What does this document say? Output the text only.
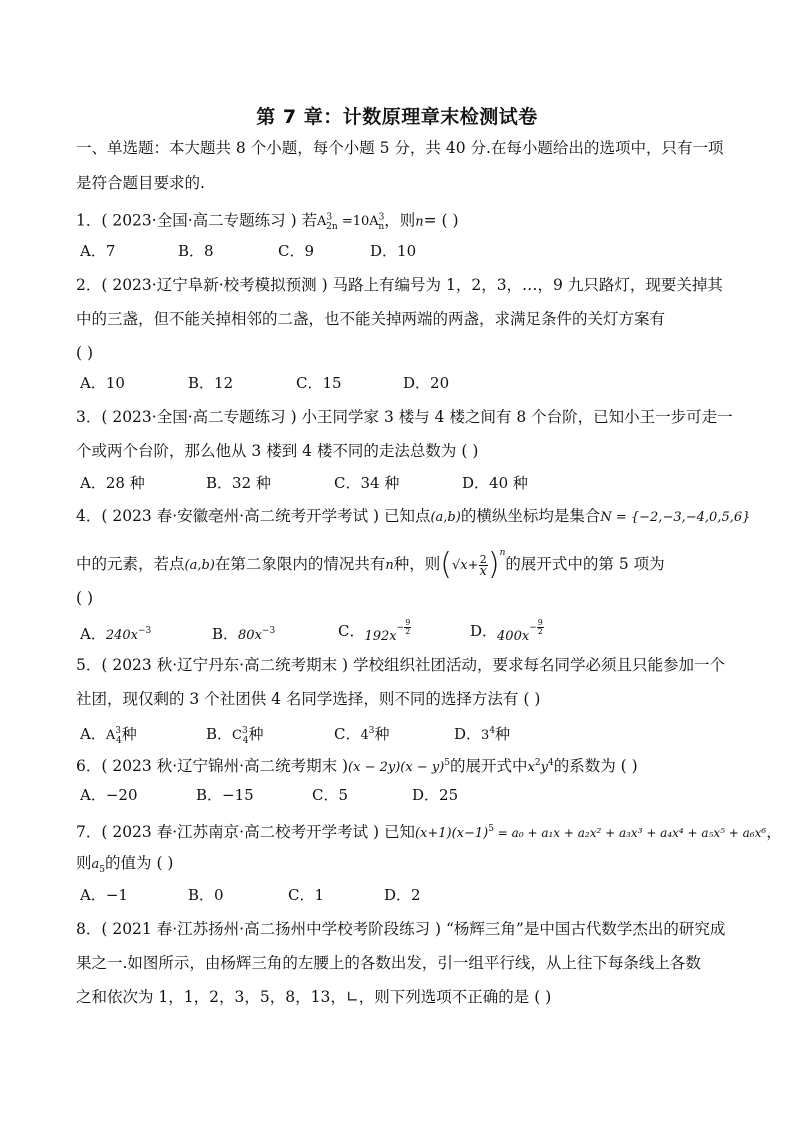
第 7 章：计数原理章末检测试卷
一、单选题：本大题共 8 个小题，每个小题 5 分，共 40 分.在每小题给出的选项中，只有一项
是符合题目要求的.
1．( 2023·全国·高二专题练习 ) 若$A^3_{2n} =10A^3_n$，则n= ( )
A．7	B．8	C．9	D．10
2．( 2023·辽宁阜新·校考模拟预测 ) 马路上有编号为 1，2，3，…，9 九只路灯，现要关掉其
中的三盏，但不能关掉相邻的二盏，也不能关掉两端的两盏，求满足条件的关灯方案有
( )
A．10	B．12	C．15	D．20
3．( 2023·全国·高二专题练习 ) 小王同学家 3 楼与 4 楼之间有 8 个台阶，已知小王一步可走一
个或两个台阶，那么他从 3 楼到 4 楼不同的走法总数为 ( )
A．28 种	B．32 种	C．34 种	D．40 种
4．( 2023 春·安徽亳州·高二统考开学考试 ) 已知点(a,b)的横纵坐标均是集合N = {−2,−3,−4,0,5,6}
中的元素，若点(a,b)在第二象限内的情况共有n种，则$(√x+ \frac{2}{x} )^n$的展开式中的第 5 项为
( )
A．$240x^{-3}$	B．$80x^{-3}$	C．$192x^{- \frac{9}{2}}$	D．$400x^{- \frac{9}{2}}$
5．( 2023 秋·辽宁丹东·高二统考期末 ) 学校组织社团活动，要求每名同学必须且只能参加一个
社团，现仅剩的 3 个社团供 4 名同学选择，则不同的选择方法有 ( )
A．$A^3_4$种	B．$C^3_4$种	C．$4^3$种	D．$3^4$种
6．( 2023 秋·辽宁锦州·高二统考期末 )$(x - 2y)(x - y)^5$的展开式中$x^2y^4$的系数为 ( )
A．−20	B．−15	C．5	D．25
7．( 2023 春·江苏南京·高二校考开学考试 ) 已知$(x+1)(x-1)^5 = a_0 + a_1x + a_2x^2 + a_3x^3 + a_4x^4 + a_5x^5 + a_6x^6$，
则$a_5$的值为 ( )
A．−1	B．0	C．1	D．2
8．( 2021 春·江苏扬州·高二扬州中学校考阶段练习 ) “杨辉三角”是中国古代数学杰出的研究成
果之一.如图所示，由杨辉三角的左腰上的各数出发，引一组平行线，从上往下每条线上各数
之和依次为 1，1，2，3，5，8，13，∟，则下列选项不正确的是 ( )
